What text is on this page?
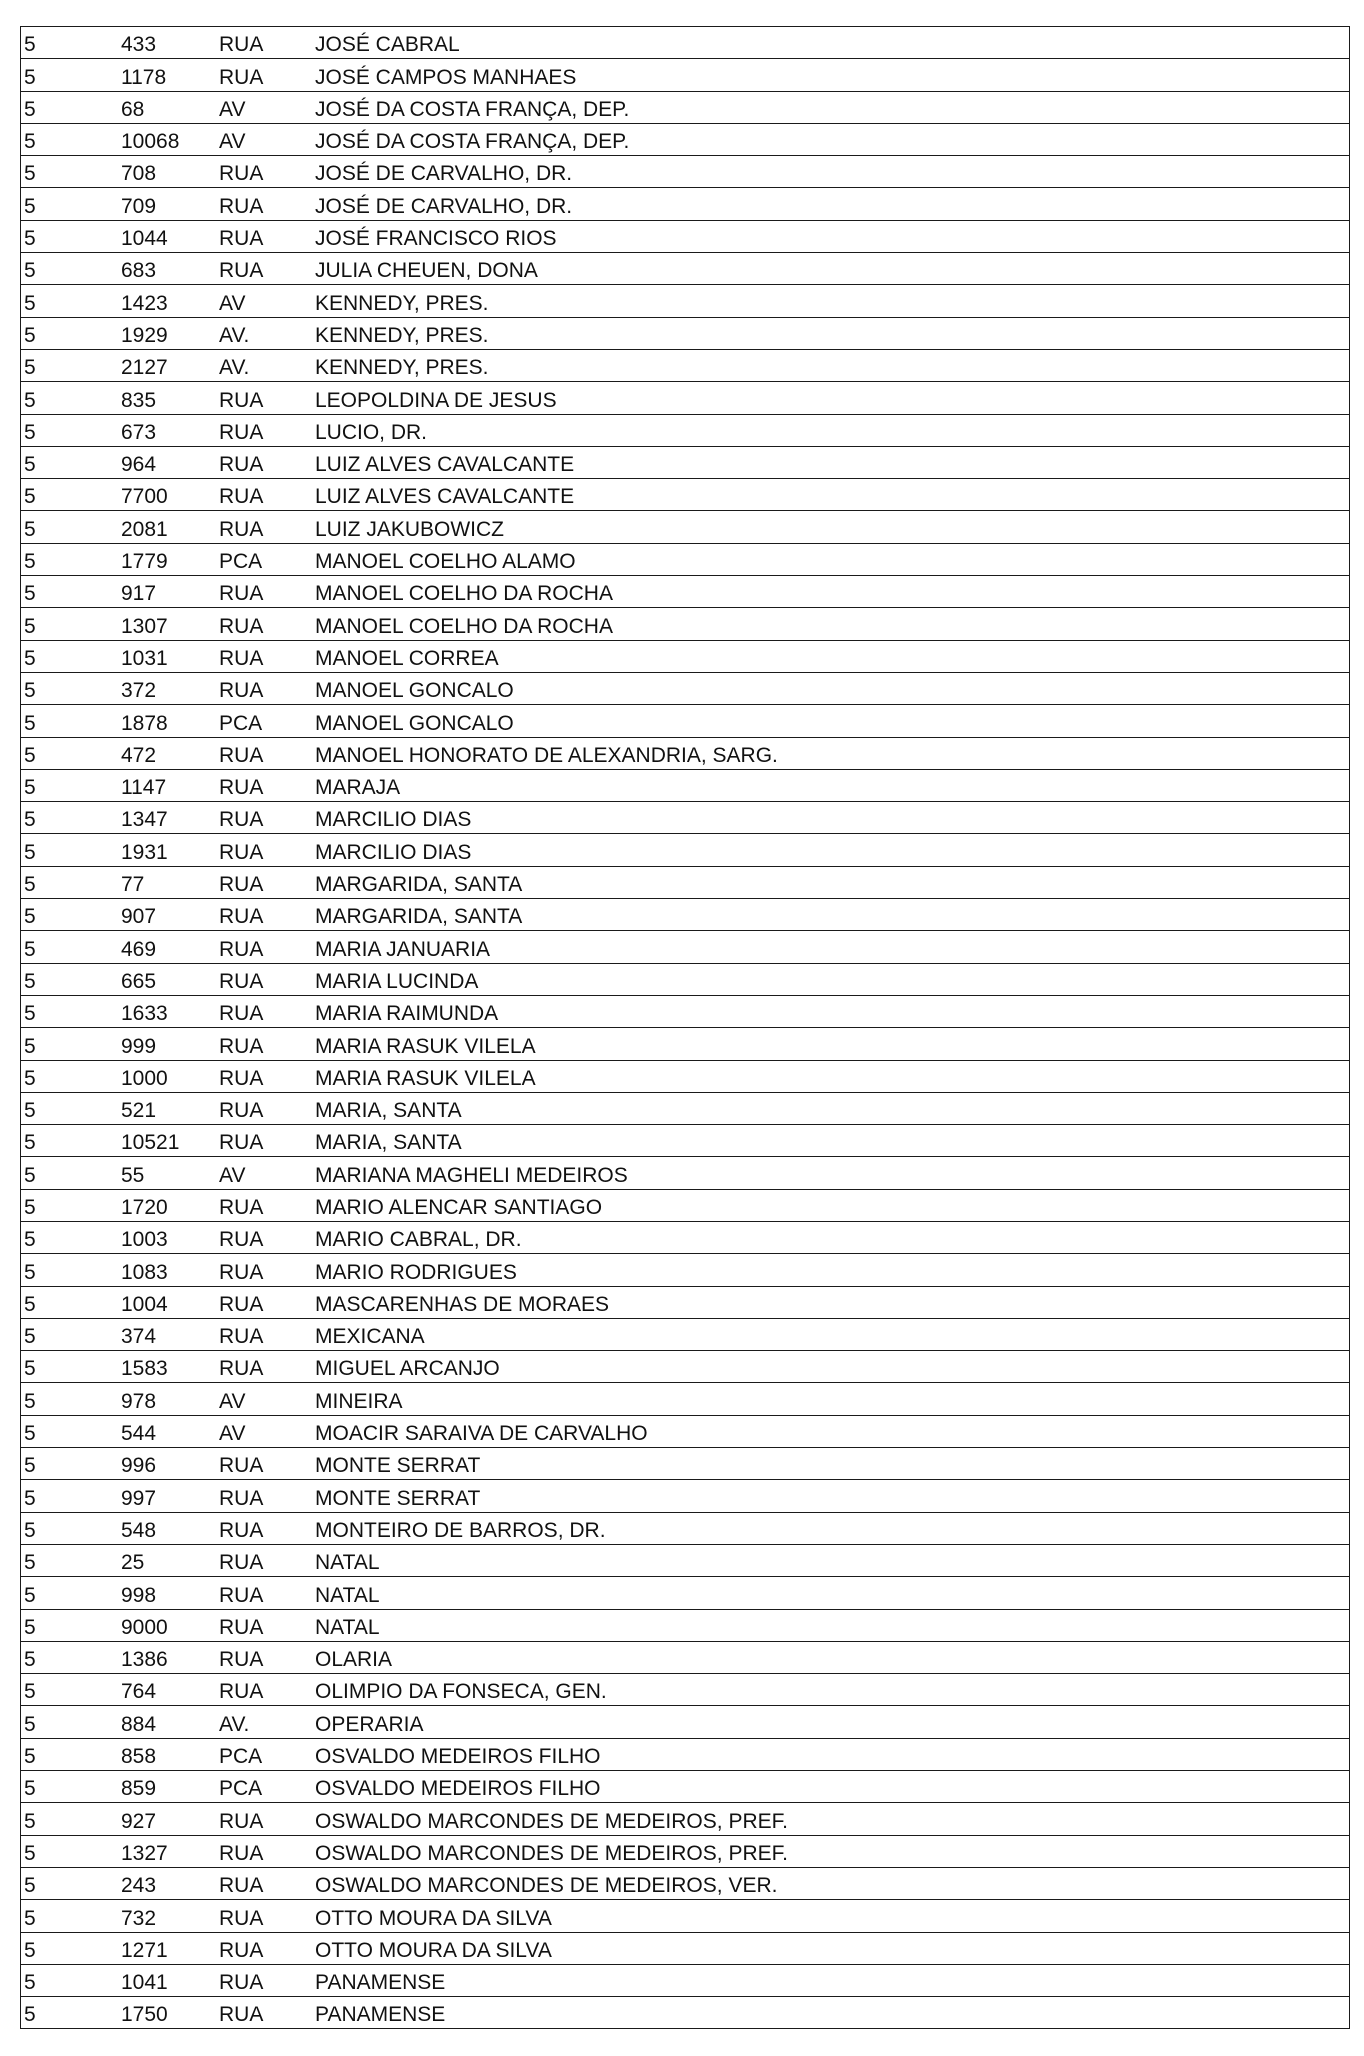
5	433	RUA	JOSÉ CABRAL
5	1178	RUA	JOSÉ CAMPOS MANHAES
5	68	AV	JOSÉ DA COSTA FRANÇA, DEP.
5	10068	AV	JOSÉ DA COSTA FRANÇA, DEP.
5	708	RUA	JOSÉ DE CARVALHO, DR.
5	709	RUA	JOSÉ DE CARVALHO, DR.
5	1044	RUA	JOSÉ FRANCISCO RIOS
5	683	RUA	JULIA CHEUEN, DONA
5	1423	AV	KENNEDY, PRES.
5	1929	AV.	KENNEDY, PRES.
5	2127	AV.	KENNEDY, PRES.
5	835	RUA	LEOPOLDINA DE JESUS
5	673	RUA	LUCIO, DR.
5	964	RUA	LUIZ ALVES CAVALCANTE
5	7700	RUA	LUIZ ALVES CAVALCANTE
5	2081	RUA	LUIZ JAKUBOWICZ
5	1779	PCA	MANOEL COELHO ALAMO
5	917	RUA	MANOEL COELHO DA ROCHA
5	1307	RUA	MANOEL COELHO DA ROCHA
5	1031	RUA	MANOEL CORREA
5	372	RUA	MANOEL GONCALO
5	1878	PCA	MANOEL GONCALO
5	472	RUA	MANOEL HONORATO DE ALEXANDRIA, SARG.
5	1147	RUA	MARAJA
5	1347	RUA	MARCILIO DIAS
5	1931	RUA	MARCILIO DIAS
5	77	RUA	MARGARIDA, SANTA
5	907	RUA	MARGARIDA, SANTA
5	469	RUA	MARIA JANUARIA
5	665	RUA	MARIA LUCINDA
5	1633	RUA	MARIA RAIMUNDA
5	999	RUA	MARIA RASUK VILELA
5	1000	RUA	MARIA RASUK VILELA
5	521	RUA	MARIA, SANTA
5	10521	RUA	MARIA, SANTA
5	55	AV	MARIANA MAGHELI MEDEIROS
5	1720	RUA	MARIO ALENCAR SANTIAGO
5	1003	RUA	MARIO CABRAL, DR.
5	1083	RUA	MARIO RODRIGUES
5	1004	RUA	MASCARENHAS DE MORAES
5	374	RUA	MEXICANA
5	1583	RUA	MIGUEL ARCANJO
5	978	AV	MINEIRA
5	544	AV	MOACIR SARAIVA DE CARVALHO
5	996	RUA	MONTE SERRAT
5	997	RUA	MONTE SERRAT
5	548	RUA	MONTEIRO DE BARROS, DR.
5	25	RUA	NATAL
5	998	RUA	NATAL
5	9000	RUA	NATAL
5	1386	RUA	OLARIA
5	764	RUA	OLIMPIO DA FONSECA, GEN.
5	884	AV.	OPERARIA
5	858	PCA	OSVALDO MEDEIROS FILHO
5	859	PCA	OSVALDO MEDEIROS FILHO
5	927	RUA	OSWALDO MARCONDES DE MEDEIROS, PREF.
5	1327	RUA	OSWALDO MARCONDES DE MEDEIROS, PREF.
5	243	RUA	OSWALDO MARCONDES DE MEDEIROS, VER.
5	732	RUA	OTTO MOURA DA SILVA
5	1271	RUA	OTTO MOURA DA SILVA
5	1041	RUA	PANAMENSE
5	1750	RUA	PANAMENSE
